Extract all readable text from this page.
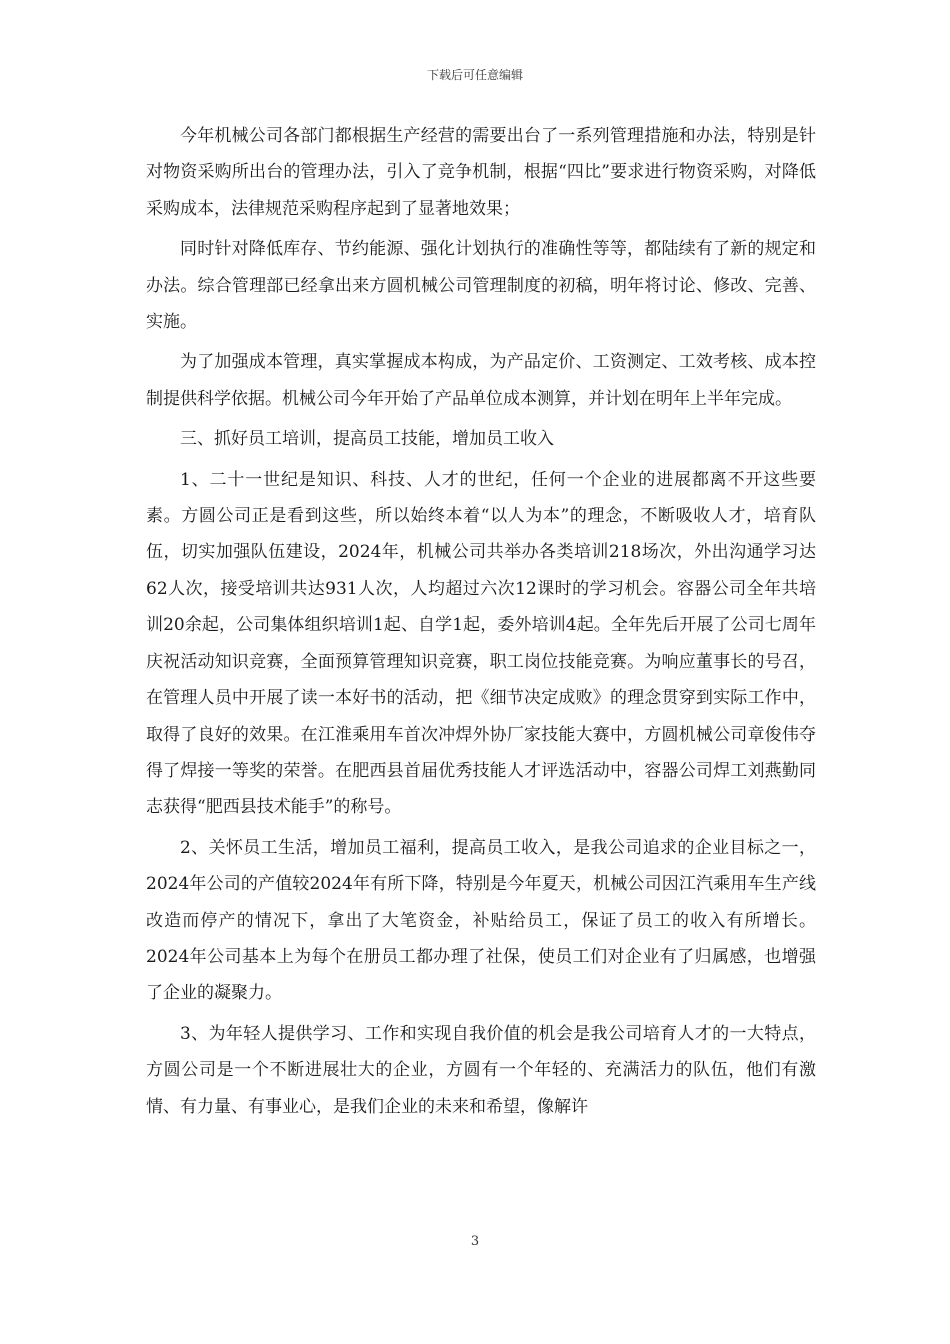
下载后可任意编辑

今年机械公司各部门都根据生产经营的需要出台了一系列管理措施和办法，特别是针对物资采购所出台的管理办法，引入了竞争机制，根据“四比”要求进行物资采购，对降低采购成本，法律规范采购程序起到了显著地效果；

同时针对降低库存、节约能源、强化计划执行的准确性等等，都陆续有了新的规定和办法。综合管理部已经拿出来方圆机械公司管理制度的初稿，明年将讨论、修改、完善、实施。

为了加强成本管理，真实掌握成本构成，为产品定价、工资测定、工效考核、成本控制提供科学依据。机械公司今年开始了产品单位成本测算，并计划在明年上半年完成。

三、抓好员工培训，提高员工技能，增加员工收入

1、二十一世纪是知识、科技、人才的世纪，任何一个企业的进展都离不开这些要素。方圆公司正是看到这些，所以始终本着“以人为本”的理念，不断吸收人才，培育队伍，切实加强队伍建设，2024年，机械公司共举办各类培训218场次，外出沟通学习达62人次，接受培训共达931人次，人均超过六次12课时的学习机会。容器公司全年共培训20余起，公司集体组织培训1起、自学1起，委外培训4起。全年先后开展了公司七周年庆祝活动知识竞赛，全面预算管理知识竞赛，职工岗位技能竞赛。为响应董事长的号召，在管理人员中开展了读一本好书的活动，把《细节决定成败》的理念贯穿到实际工作中，取得了良好的效果。在江淮乘用车首次冲焊外协厂家技能大赛中，方圆机械公司章俊伟夺得了焊接一等奖的荣誉。在肥西县首届优秀技能人才评选活动中，容器公司焊工刘燕勤同志获得“肥西县技术能手”的称号。

2、关怀员工生活，增加员工福利，提高员工收入，是我公司追求的企业目标之一，2024年公司的产值较2024年有所下降，特别是今年夏天，机械公司因江汽乘用车生产线改造而停产的情况下，拿出了大笔资金，补贴给员工，保证了员工的收入有所增长。2024年公司基本上为每个在册员工都办理了社保，使员工们对企业有了归属感，也增强了企业的凝聚力。

3、为年轻人提供学习、工作和实现自我价值的机会是我公司培育人才的一大特点，方圆公司是一个不断进展壮大的企业，方圆有一个年轻的、充满活力的队伍，他们有激情、有力量、有事业心，是我们企业的未来和希望，像解许

3
